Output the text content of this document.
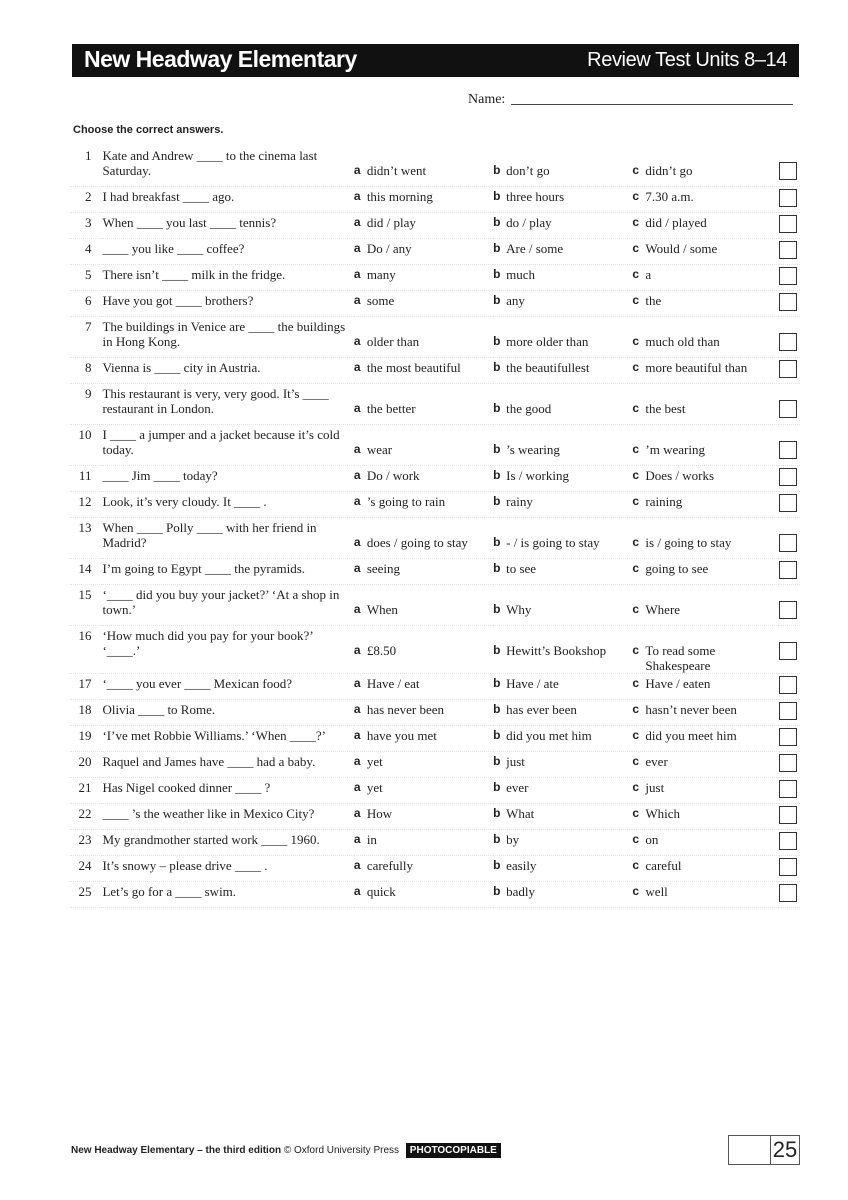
New Headway Elementary	Review Test Units 8–14
Name:
Choose the correct answers.
1	Kate and Andrew ____ to the cinema last Saturday.	a didn’t went	b don’t go	c didn’t go	

2	I had breakfast ____ ago.	a this morning	b three hours	c 7.30 a.m.	

3	When ____ you last ____ tennis?	a did / play	b do / play	c did / played	

4	____ you like ____ coffee?	a Do / any	b Are / some	c Would / some	

5	There isn’t ____ milk in the fridge.	a many	b much	c a	

6	Have you got ____ brothers?	a some	b any	c the	

7	The buildings in Venice are ____ the buildings in Hong Kong.	a older than	b more older than	c much old than	

8	Vienna is ____ city in Austria.	a the most beautiful	b the beautifullest	c more beautiful than	

9	This restaurant is very, very good. It’s ____ restaurant in London.	a the better	b the good	c the best	

10	I ____ a jumper and a jacket because it’s cold today.	a wear	b ’s wearing	c ’m wearing	

11	____ Jim ____ today?	a Do / work	b Is / working	c Does / works	

12	Look, it’s very cloudy. It ____ .	a ’s going to rain	b rainy	c raining	

13	When ____ Polly ____ with her friend in Madrid?	a does / going to stay	b - / is going to stay	c is / going to stay	

14	I’m going to Egypt ____ the pyramids.	a seeing	b to see	c going to see	

15	‘____ did you buy your jacket?’ ‘At a shop in town.’	a When	b Why	c Where	

16	‘How much did you pay for your book?’ ‘____.’	a £8.50	b Hewitt’s Bookshop	c To read some Shakespeare	

17	‘____ you ever ____ Mexican food?	a Have / eat	b Have / ate	c Have / eaten	

18	Olivia ____ to Rome.	a has never been	b has ever been	c hasn’t never been	

19	‘I’ve met Robbie Williams.’ ‘When ____?’	a have you met	b did you met him	c did you meet him	

20	Raquel and James have ____ had a baby.	a yet	b just	c ever	

21	Has Nigel cooked dinner ____ ?	a yet	b ever	c just	

22	____ ’s the weather like in Mexico City?	a How	b What	c Which	

23	My grandmother started work ____ 1960.	a in	b by	c on	

24	It’s snowy – please drive ____ .	a carefully	b easily	c careful	

25	Let’s go for a ____ swim.	a quick	b badly	c well	

New Headway Elementary – the third edition © Oxford University Press PHOTOCOPIABLE	25
